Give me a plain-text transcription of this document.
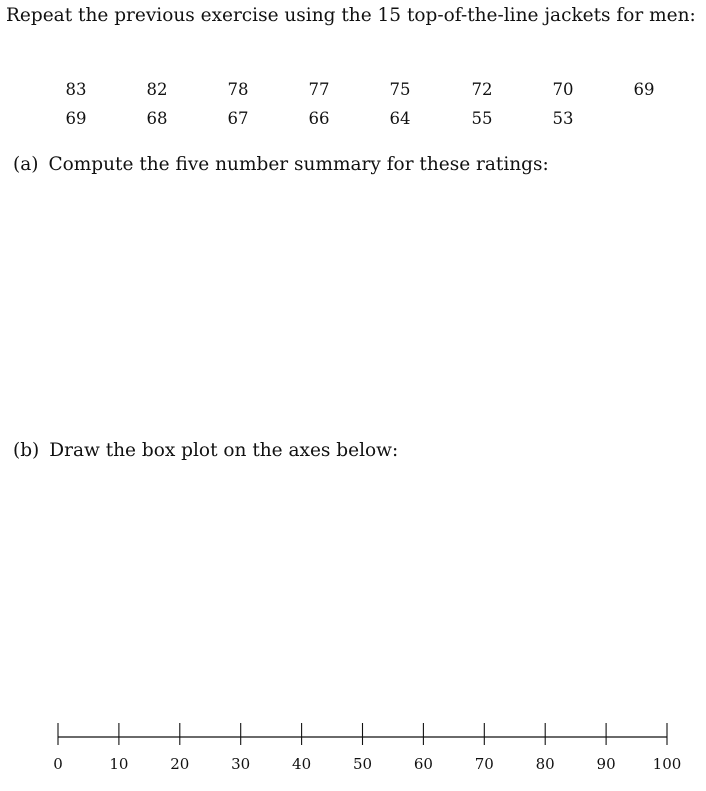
Repeat the previous exercise using the 15 top-of-the-line jackets for men:
83	82	78	77	75	72	70	69
69	68	67	66	64	55	53
(a) Compute the five number summary for these ratings:
(b) Draw the box plot on the axes below:
0	10	20	30	40	50	60	70	80	90	100
